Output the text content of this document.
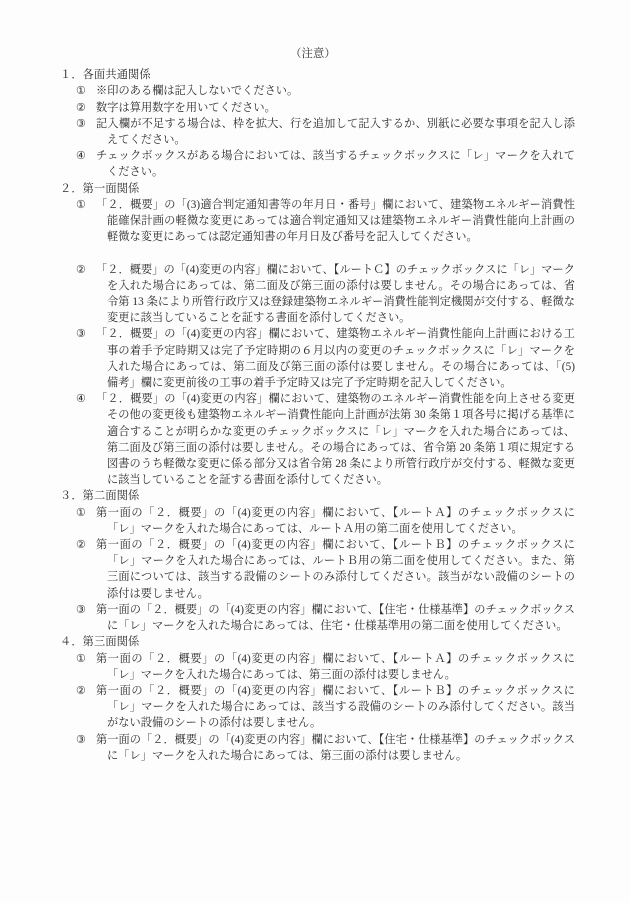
（注意）
１．各面共通関係
① ※印のある欄は記入しないでください。
② 数字は算用数字を用いてください。
③ 記入欄が不足する場合は、枠を拡大、行を追加して記入するか、別紙に必要な事項を記入し添えてください。
④ チェックボックスがある場合においては、該当するチェックボックスに「レ」マークを入れてください。
２．第一面関係
① 「２．概要」の「(3)適合判定通知書等の年月日・番号」欄において、建築物エネルギー消費性能確保計画の軽微な変更にあっては適合判定通知又は建築物エネルギー消費性能向上計画の軽微な変更にあっては認定通知書の年月日及び番号を記入してください。
② 「２．概要」の「(4)変更の内容」欄において、【ルートＣ】のチェックボックスに「レ」マークを入れた場合にあっては、第二面及び第三面の添付は要しません。その場合にあっては、省令第 13 条により所管行政庁又は登録建築物エネルギー消費性能判定機関が交付する、軽微な変更に該当していることを証する書面を添付してください。
③ 「２．概要」の「(4)変更の内容」欄において、建築物エネルギー消費性能向上計画における工事の着手予定時期又は完了予定時期の６月以内の変更のチェックボックスに「レ」マークを入れた場合にあっては、第二面及び第三面の添付は要しません。その場合にあっては、「(5)備考」欄に変更前後の工事の着手予定時又は完了予定時期を記入してください。
④ 「２．概要」の「(4)変更の内容」欄において、建築物のエネルギー消費性能を向上させる変更その他の変更後も建築物エネルギー消費性能向上計画が法第 30 条第１項各号に掲げる基準に適合することが明らかな変更のチェックボックスに「レ」マークを入れた場合にあっては、第二面及び第三面の添付は要しません。その場合にあっては、省令第 20 条第１項に規定する図書のうち軽微な変更に係る部分又は省令第 28 条により所管行政庁が交付する、軽微な変更に該当していることを証する書面を添付してください。
３．第二面関係
① 第一面の「２．概要」の「(4)変更の内容」欄において、【ルートＡ】のチェックボックスに「レ」マークを入れた場合にあっては、ルートＡ用の第二面を使用してください。
② 第一面の「２．概要」の「(4)変更の内容」欄において、【ルートＢ】のチェックボックスに「レ」マークを入れた場合にあっては、ルートＢ用の第二面を使用してください。また、第三面については、該当する設備のシートのみ添付してください。該当がない設備のシートの添付は要しません。
③ 第一面の「２．概要」の「(4)変更の内容」欄において、【住宅・仕様基準】のチェックボックスに「レ」マークを入れた場合にあっては、住宅・仕様基準用の第二面を使用してください。
４．第三面関係
① 第一面の「２．概要」の「(4)変更の内容」欄において、【ルートＡ】のチェックボックスに「レ」マークを入れた場合にあっては、第三面の添付は要しません。
② 第一面の「２．概要」の「(4)変更の内容」欄において、【ルートＢ】のチェックボックスに「レ」マークを入れた場合にあっては、該当する設備のシートのみ添付してください。該当がない設備のシートの添付は要しません。
③ 第一面の「２．概要」の「(4)変更の内容」欄において、【住宅・仕様基準】のチェックボックスに「レ」マークを入れた場合にあっては、第三面の添付は要しません。
